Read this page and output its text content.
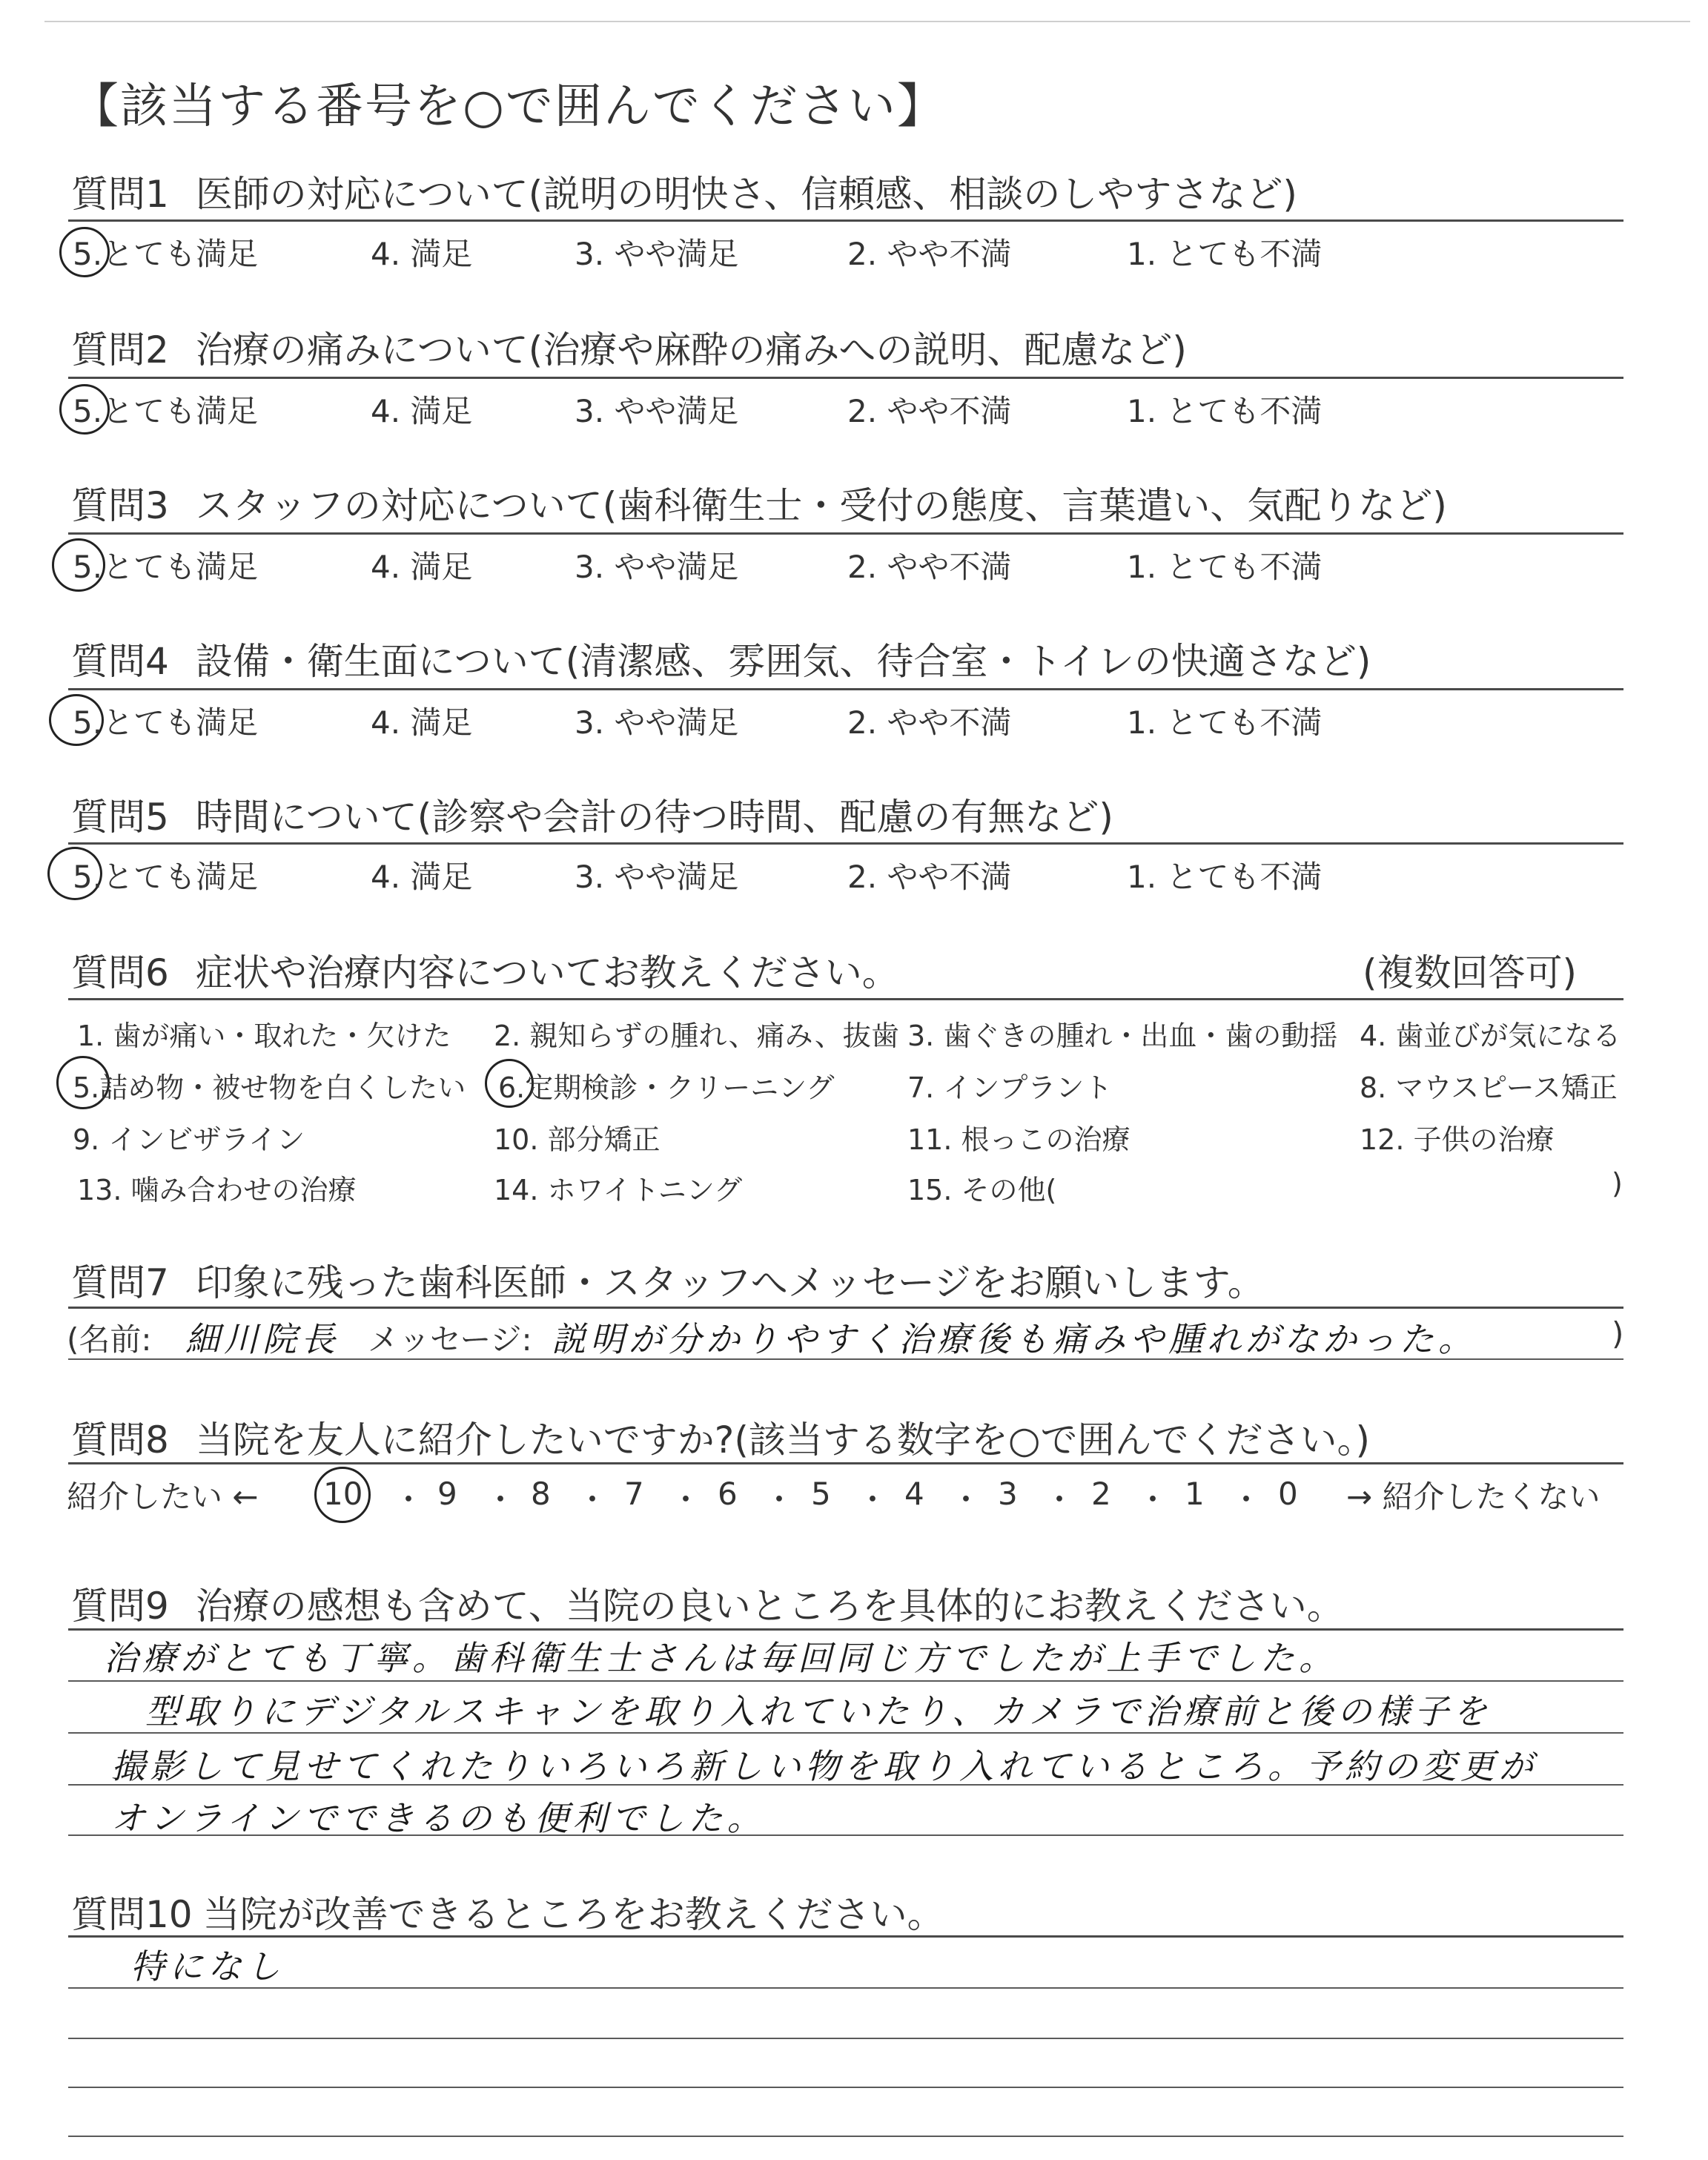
【該当する番号を○で囲んでください】
質問1 医師の対応について(説明の明快さ、信頼感、相談のしやすさなど)
5.とても満足	4. 満足	3. やや満足	2. やや不満	1. とても不満
質問2 治療の痛みについて(治療や麻酔の痛みへの説明、配慮など)
5.とても満足	4. 満足	3. やや満足	2. やや不満	1. とても不満
質問3 スタッフの対応について(歯科衛生士・受付の態度、言葉遣い、気配りなど)
5.とても満足	4. 満足	3. やや満足	2. やや不満	1. とても不満
質問4 設備・衛生面について(清潔感、雰囲気、待合室・トイレの快適さなど)
5.とても満足	4. 満足	3. やや満足	2. やや不満	1. とても不満
質問5 時間について(診察や会計の待つ時間、配慮の有無など)
5.とても満足	4. 満足	3. やや満足	2. やや不満	1. とても不満
質問6 症状や治療内容についてお教えください。	(複数回答可)
1. 歯が痛い・取れた・欠けた 2. 親知らずの腫れ、痛み、抜歯 3. 歯ぐきの腫れ・出血・歯の動揺 4. 歯並びが気になる
5.詰め物・被せ物を白くしたい 6.定期検診・クリーニング	7. インプラント	8. マウスピース矯正
9. インビザライン	10. 部分矯正	11. 根っこの治療	12. 子供の治療
13. 噛み合わせの治療	14. ホワイトニング	15. その他(	)
質問7 印象に残った歯科医師・スタッフへメッセージをお願いします。
(名前: 細川院長 メッセージ: 説明が分かりやすく治療後も痛みや腫れがなかった。	)
質問8 当院を友人に紹介したいですか?(該当する数字を○で囲んでください。)
紹介したい ← 10 ・ 9 ・ 8 ・ 7 ・ 6 ・ 5 ・ 4 ・ 3 ・ 2 ・ 1 ・ 0 → 紹介したくない
質問9 治療の感想も含めて、当院の良いところを具体的にお教えください。
治療がとても丁寧。歯科衛生士さんは毎回同じ方でしたが上手でした。
型取りにデジタルスキャンを取り入れていたり、カメラで治療前と後の様子を
撮影して見せてくれたりいろいろ新しい物を取り入れているところ。予約の変更が
オンラインでできるのも便利でした。
質問10 当院が改善できるところをお教えください。
特になし
